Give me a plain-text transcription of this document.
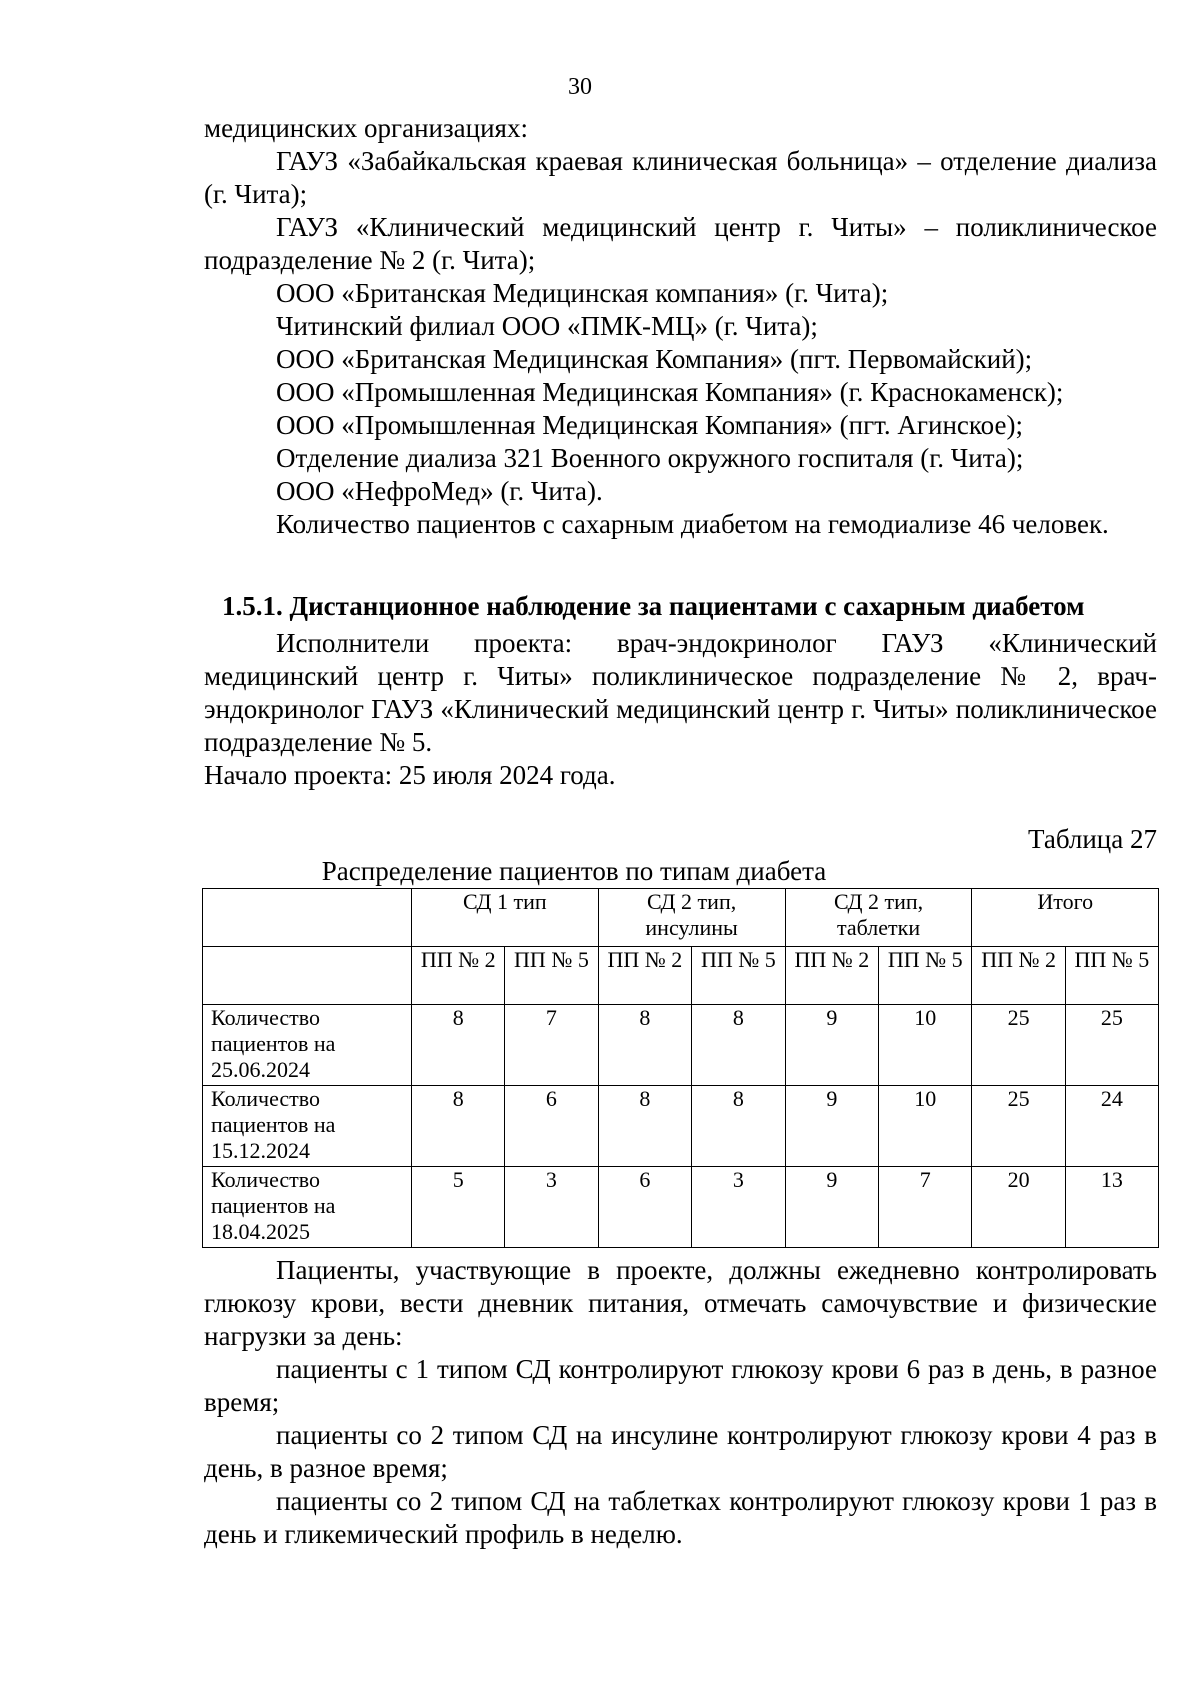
30

медицинских организациях:

ГАУЗ «Забайкальская краевая клиническая больница» – отделение диализа (г. Чита);

ГАУЗ «Клинический медицинский центр г. Читы» – поликлиническое подразделение № 2 (г. Чита);

ООО «Британская Медицинская компания» (г. Чита);

Читинский филиал ООО «ПМК-МЦ» (г. Чита);

ООО «Британская Медицинская Компания» (пгт. Первомайский);

ООО «Промышленная Медицинская Компания» (г. Краснокаменск);

ООО «Промышленная Медицинская Компания» (пгт. Агинское);

Отделение диализа 321 Военного окружного госпиталя (г. Чита);

ООО «НефроМед» (г. Чита).

Количество пациентов с сахарным диабетом на гемодиализе 46 человек.

1.5.1. Дистанционное наблюдение за пациентами с сахарным диабетом

Исполнители проекта: врач-эндокринолог ГАУЗ «Клинический медицинский центр г. Читы» поликлиническое подразделение № 2, врач-эндокринолог ГАУЗ «Клинический медицинский центр г. Читы» поликлиническое подразделение № 5.

Начало проекта: 25 июля 2024 года.

Таблица 27
Распределение пациентов по типам диабета
	СД 1 тип		СД 2 тип, инсулины		СД 2 тип, таблетки		Итого	
	ПП № 2	ПП № 5	ПП № 2	ПП № 5	ПП № 2	ПП № 5	ПП № 2	ПП № 5
Количество пациентов на 25.06.2024	8	7	8	8	9	10	25	25
Количество пациентов на 15.12.2024	8	6	8	8	9	10	25	24
Количество пациентов на 18.04.2025	5	3	6	3	9	7	20	13

Пациенты, участвующие в проекте, должны ежедневно контролировать глюкозу крови, вести дневник питания, отмечать самочувствие и физические нагрузки за день:

пациенты с 1 типом СД контролируют глюкозу крови 6 раз в день, в разное время;

пациенты со 2 типом СД на инсулине контролируют глюкозу крови 4 раз в день, в разное время;

пациенты со 2 типом СД на таблетках контролируют глюкозу крови 1 раз в день и гликемический профиль в неделю.
